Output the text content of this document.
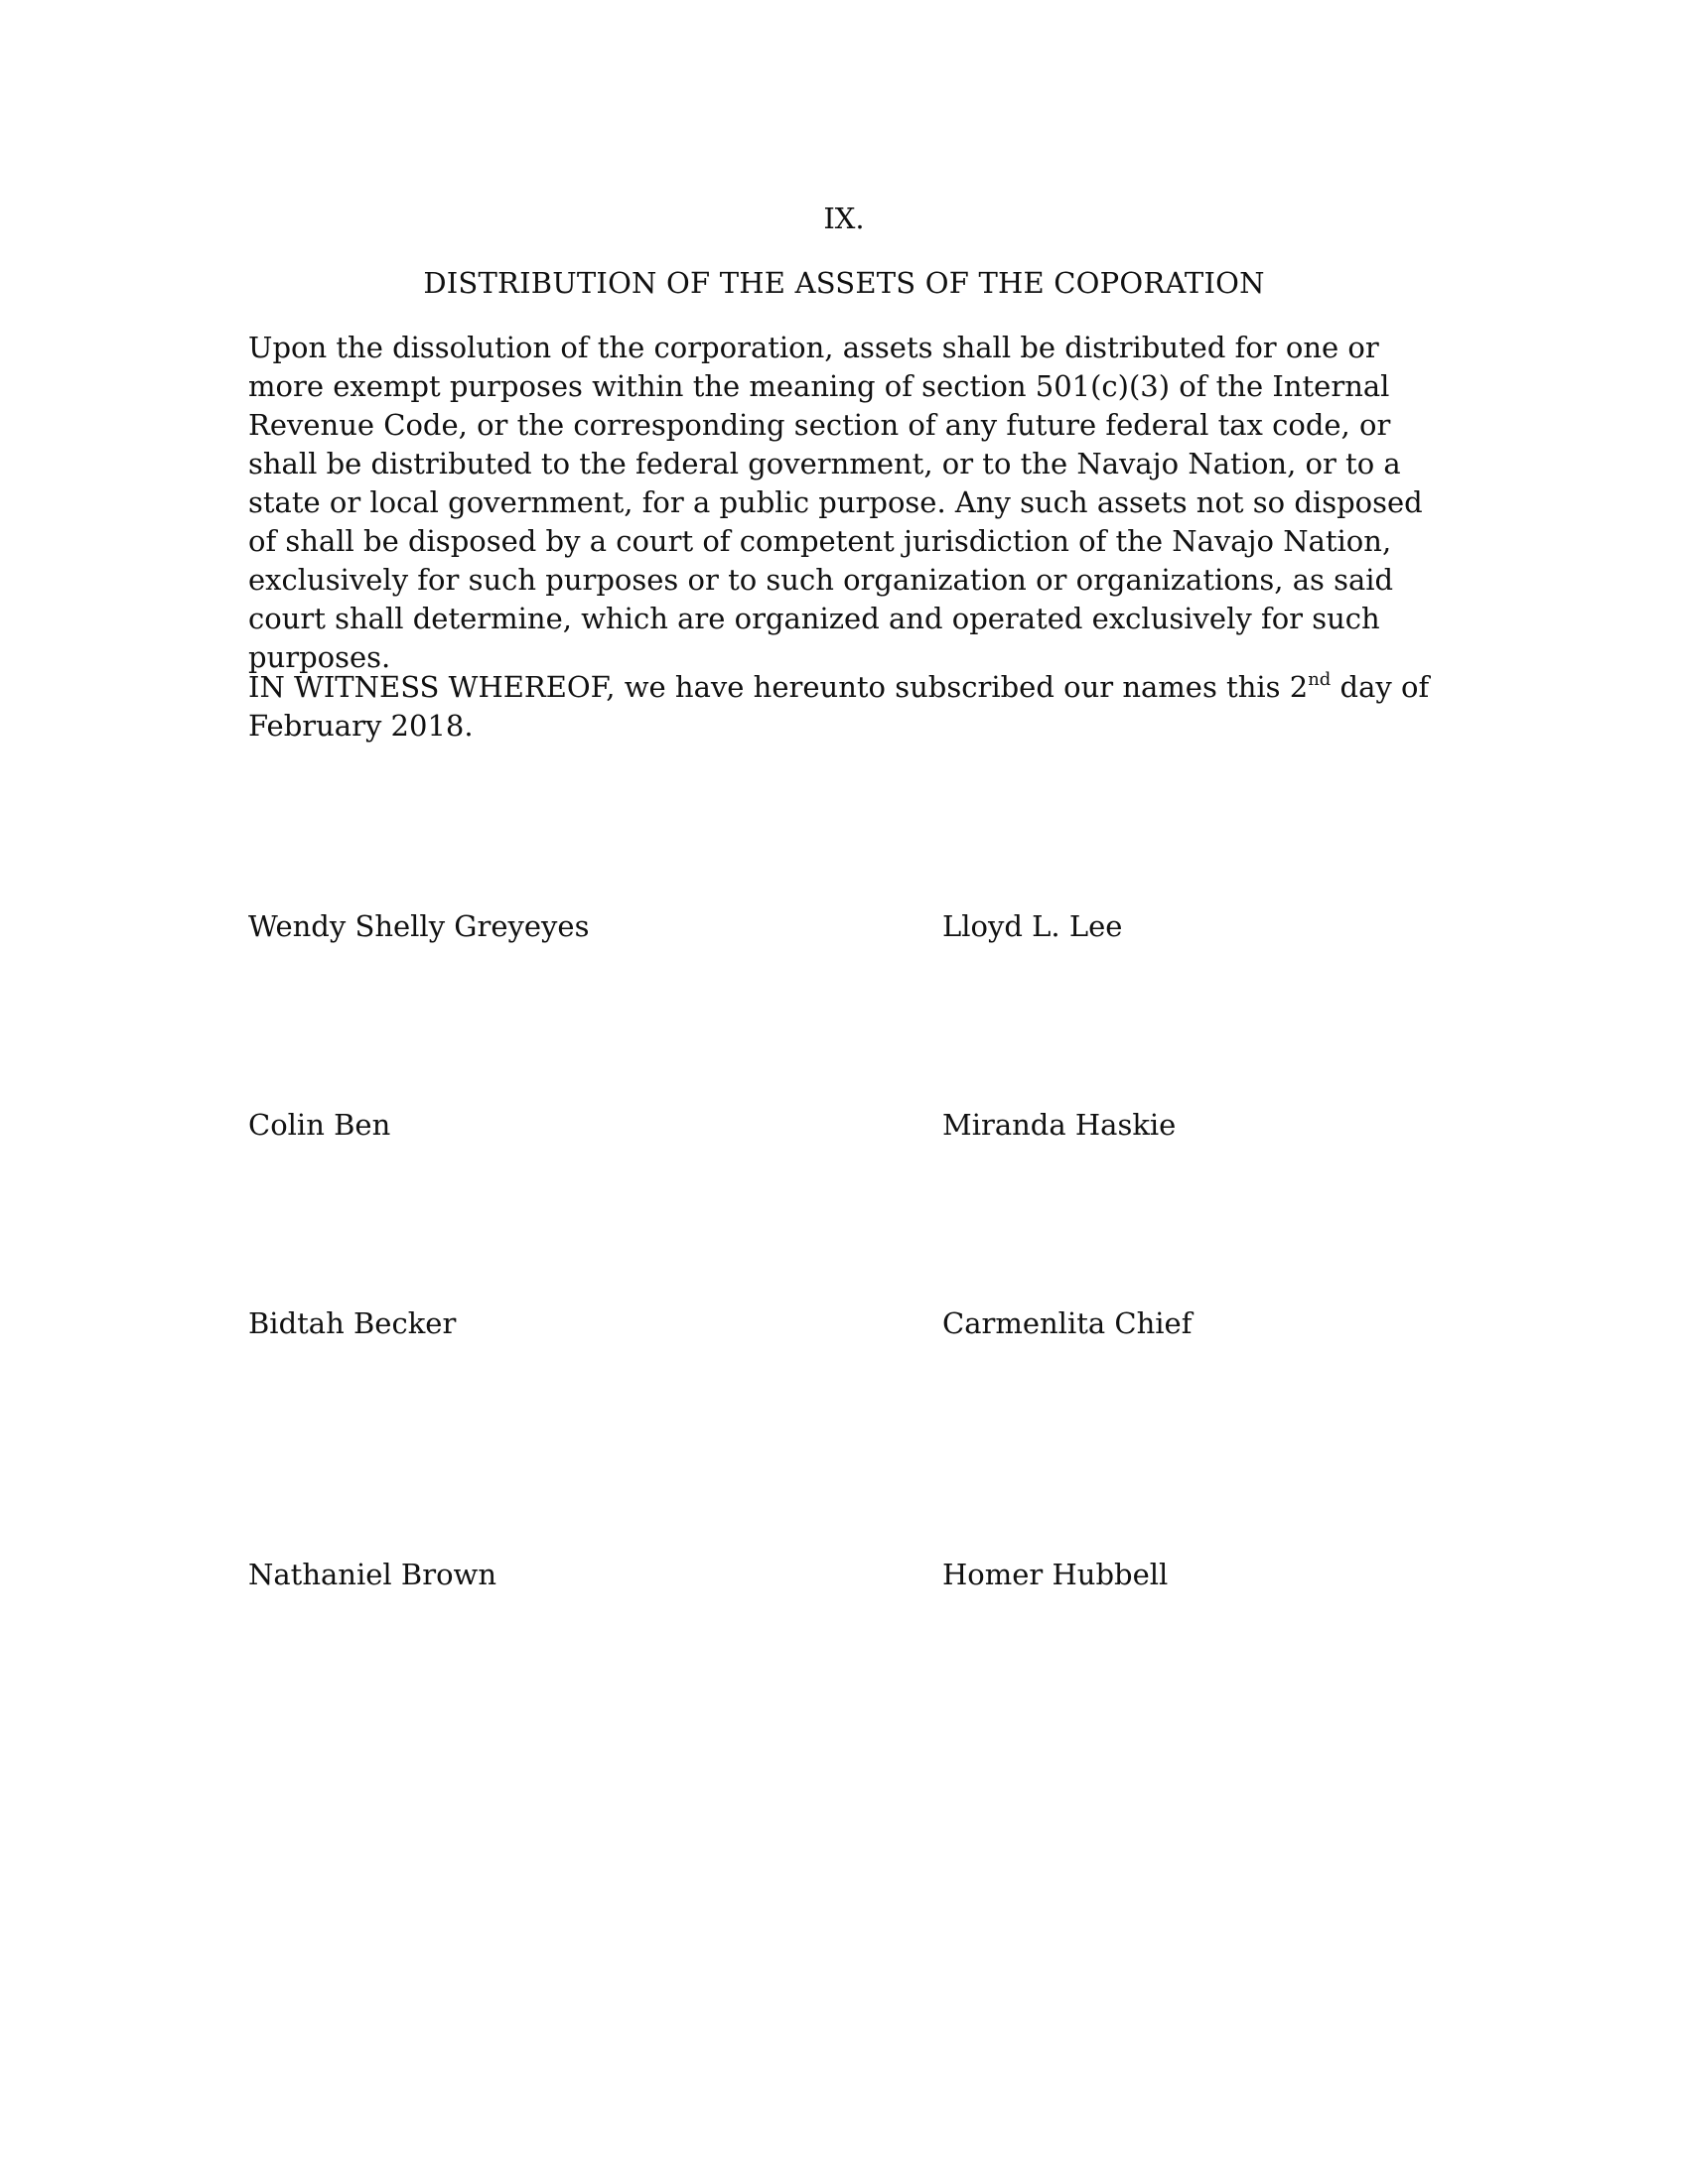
IX.
DISTRIBUTION OF THE ASSETS OF THE COPORATION

Upon the dissolution of the corporation, assets shall be distributed for one or more exempt purposes within the meaning of section 501(c)(3) of the Internal Revenue Code, or the corresponding section of any future federal tax code, or shall be distributed to the federal government, or to the Navajo Nation, or to a state or local government, for a public purpose. Any such assets not so disposed of shall be disposed by a court of competent jurisdiction of the Navajo Nation, exclusively for such purposes or to such organization or organizations, as said court shall determine, which are organized and operated exclusively for such purposes.

IN WITNESS WHEREOF, we have hereunto subscribed our names this 2nd day of February 2018.

Wendy Shelly Greyeyes	Lloyd L. Lee
Colin Ben	Miranda Haskie
Bidtah Becker	Carmenlita Chief
Nathaniel Brown	Homer Hubbell
